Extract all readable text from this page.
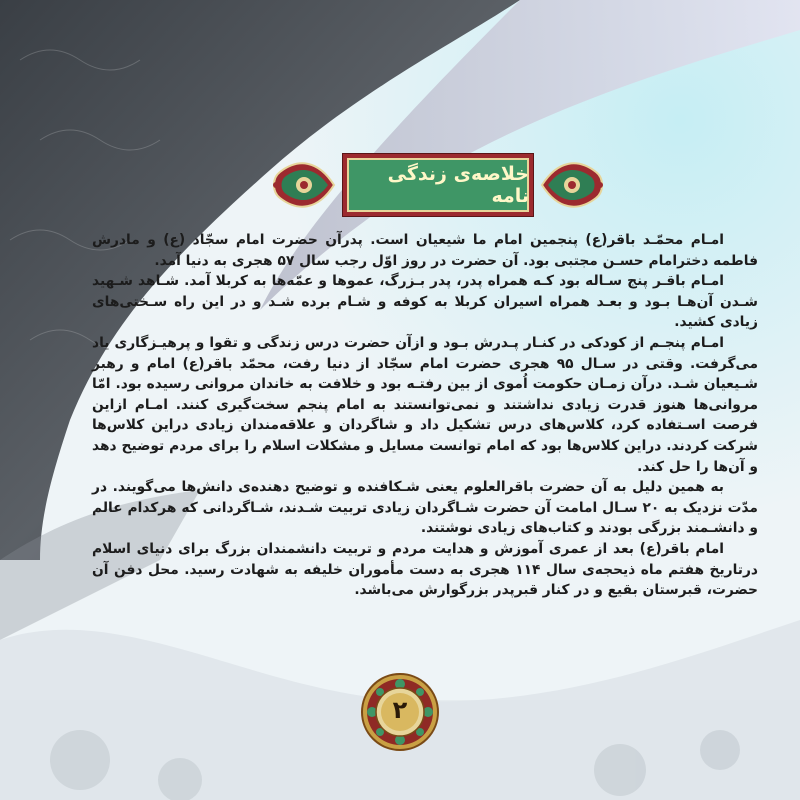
خلاصه‌ی زندگی نامه

امـام محمّـد باقر(ع) پنجمین امام ما شیعیان است. پدرآن حضرت امام سجّاد (ع) و مادرش فاطمه دخترامام حسـن مجتبی بود. آن حضرت در روز اوّل رجب سال ۵۷ هجری به دنیا آمد.

امـام باقـر پنج سـاله بود کـه همراه پدر، پدر بـزرگ، عموها و عمّه‌ها به کربلا آمد. شـاهد شـهید شـدن آن‌هـا بـود و بعـد همراه اسیران کربلا به کوفه و شـام برده شـد و در این راه سـختی‌های زیادی کشید.

امـام پنجـم از کودکی در کنـار پـدرش بـود و ازآن حضرت درس زندگی و تقوا و پرهیـزگاری یاد می‌گرفت. وقتی در سـال ۹۵ هجری حضرت امام سجّاد از دنیا رفت، محمّد باقر(ع) امام و رهبر شـیعیان شـد. درآن زمـان حکومت اُموی از بین رفتـه بود و خلافت به خاندان مروانی رسیده بود. امّا مروانی‌ها هنوز قدرت زیادی نداشتند و نمی‌توانستند به امام پنجم سخت‌گیری کنند. امـام ازاین فرصت اسـتفاده کرد، کلاس‌های درس تشکیل داد و شاگردان و علاقه‌مندان زیادی دراین کلاس‌ها شرکت کردند. دراین کلاس‌ها بود که امام توانست مسایل و مشکلات اسلام را برای مردم توضیح دهد و آن‌ها را حل کند.

به همین دلیل به آن حضرت باقرالعلوم یعنی شـکافنده و توضیح دهنده‌ی دانش‌ها می‌گویند. در مدّت نزدیک به ۲۰ سـال امامت آن حضرت شـاگردان زیادی تربیت شـدند، شـاگردانی که هرکدام عالم و دانشـمند بزرگی بودند و کتاب‌های زیادی نوشتند.

امام باقر(ع) بعد از عمری آموزش و هدایت مردم و تربیت دانشمندان بزرگ برای دنیای اسلام درتاریخ هفتم ماه ذیحجه‌ی سال ۱۱۴ هجری به دست مأموران خلیفه به شهادت رسید. محل دفن آن حضرت، قبرستان بقیع و در کنار قبرپدر بزرگوارش می‌باشد.

۲
